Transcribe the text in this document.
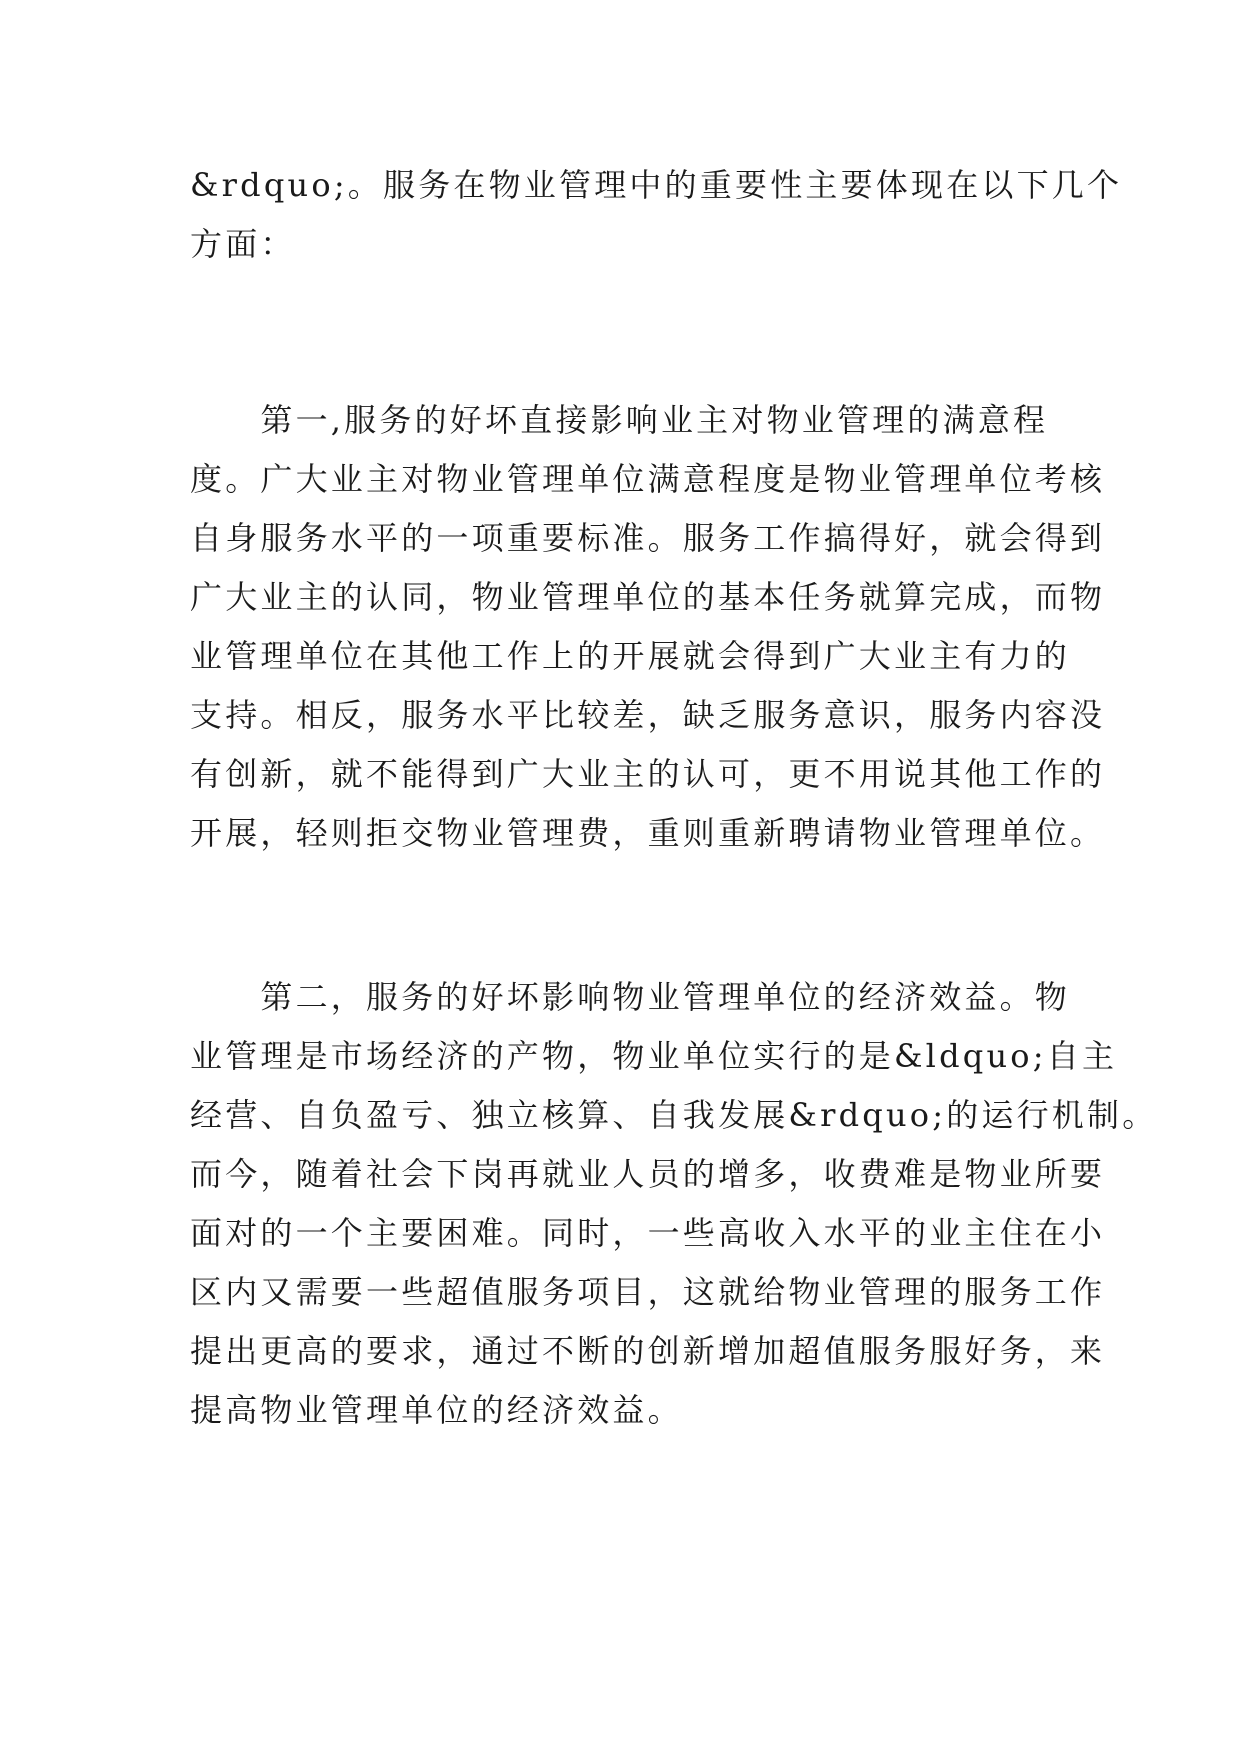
&rdquo;。服务在物业管理中的重要性主要体现在以下几个
方面：
　　第一,服务的好坏直接影响业主对物业管理的满意程
度。广大业主对物业管理单位满意程度是物业管理单位考核
自身服务水平的一项重要标准。服务工作搞得好，就会得到
广大业主的认同，物业管理单位的基本任务就算完成，而物
业管理单位在其他工作上的开展就会得到广大业主有力的
支持。相反，服务水平比较差，缺乏服务意识，服务内容没
有创新，就不能得到广大业主的认可，更不用说其他工作的
开展，轻则拒交物业管理费，重则重新聘请物业管理单位。
　　第二，服务的好坏影响物业管理单位的经济效益。物
业管理是市场经济的产物，物业单位实行的是&ldquo;自主
经营、自负盈亏、独立核算、自我发展&rdquo;的运行机制。
而今，随着社会下岗再就业人员的增多，收费难是物业所要
面对的一个主要困难。同时，一些高收入水平的业主住在小
区内又需要一些超值服务项目，这就给物业管理的服务工作
提出更高的要求，通过不断的创新增加超值服务服好务，来
提高物业管理单位的经济效益。
